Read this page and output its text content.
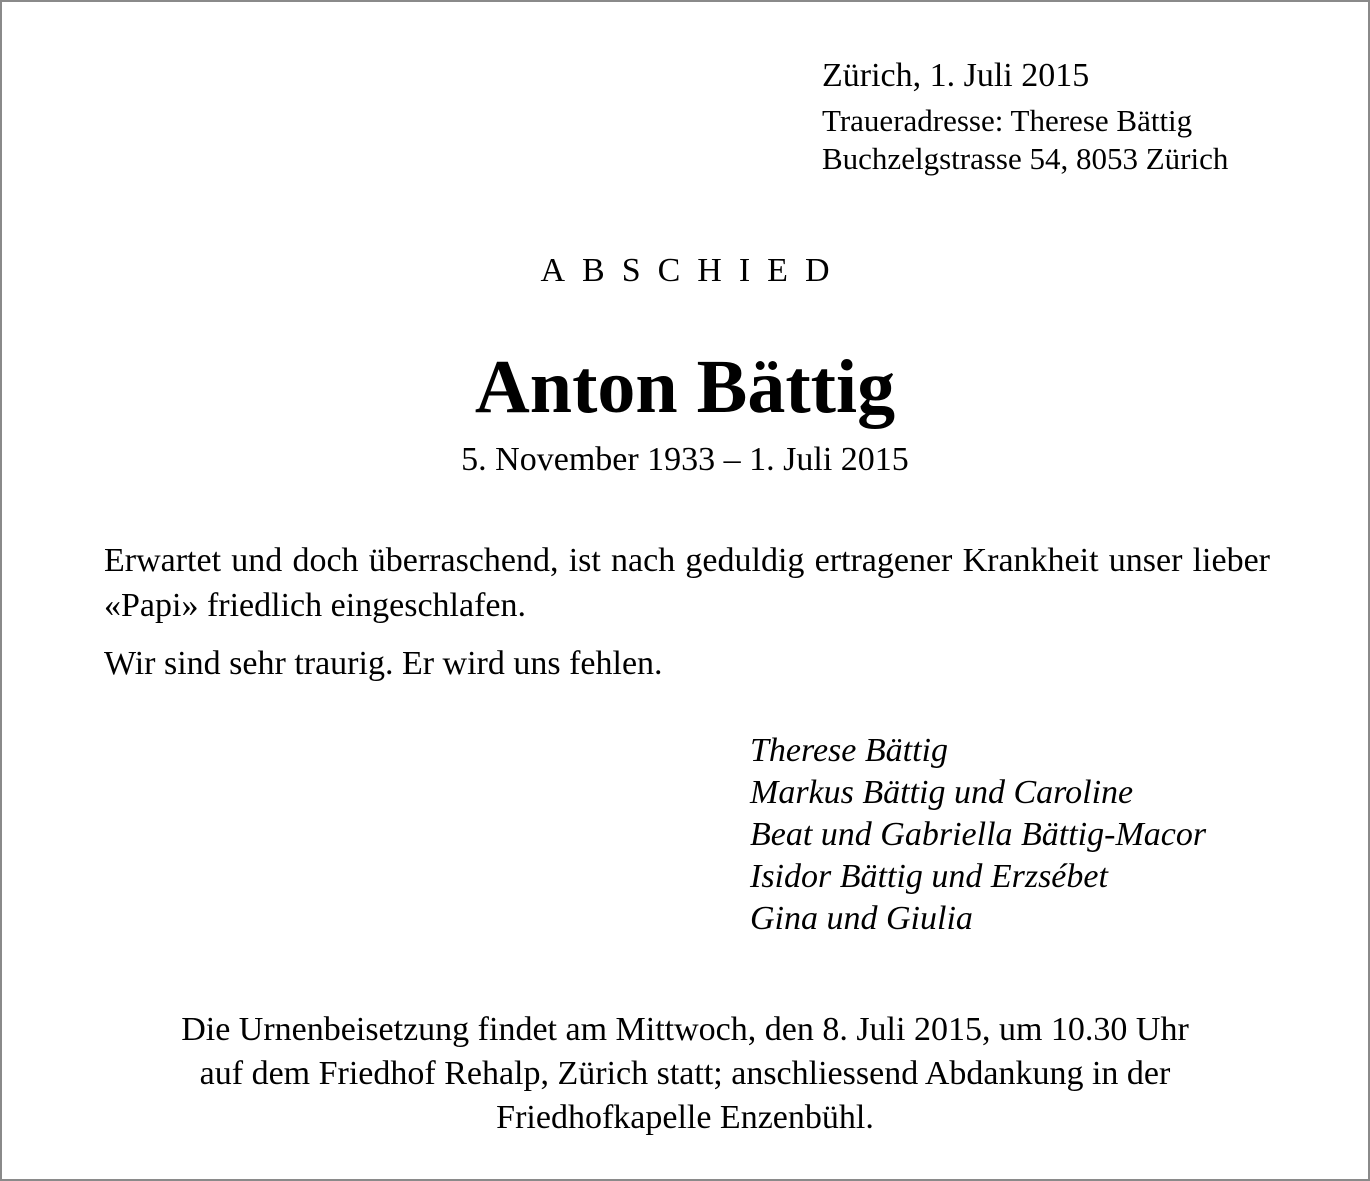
Zürich, 1. Juli 2015
Traueradresse: Therese Bättig
Buchzelgstrasse 54, 8053 Zürich
ABSCHIED
Anton Bättig
5. November 1933 – 1. Juli 2015

Erwartet und doch überraschend, ist nach geduldig ertragener Krankheit unser lieber «Papi» friedlich eingeschlafen.

Wir sind sehr traurig. Er wird uns fehlen.

Therese Bättig
Markus Bättig und Caroline
Beat und Gabriella Bättig-Macor
Isidor Bättig und Erzsébet
Gina und Giulia
Die Urnenbeisetzung findet am Mittwoch, den 8. Juli 2015, um 10.30 Uhr
auf dem Friedhof Rehalp, Zürich statt; anschliessend Abdankung in der
Friedhofkapelle Enzenbühl.
